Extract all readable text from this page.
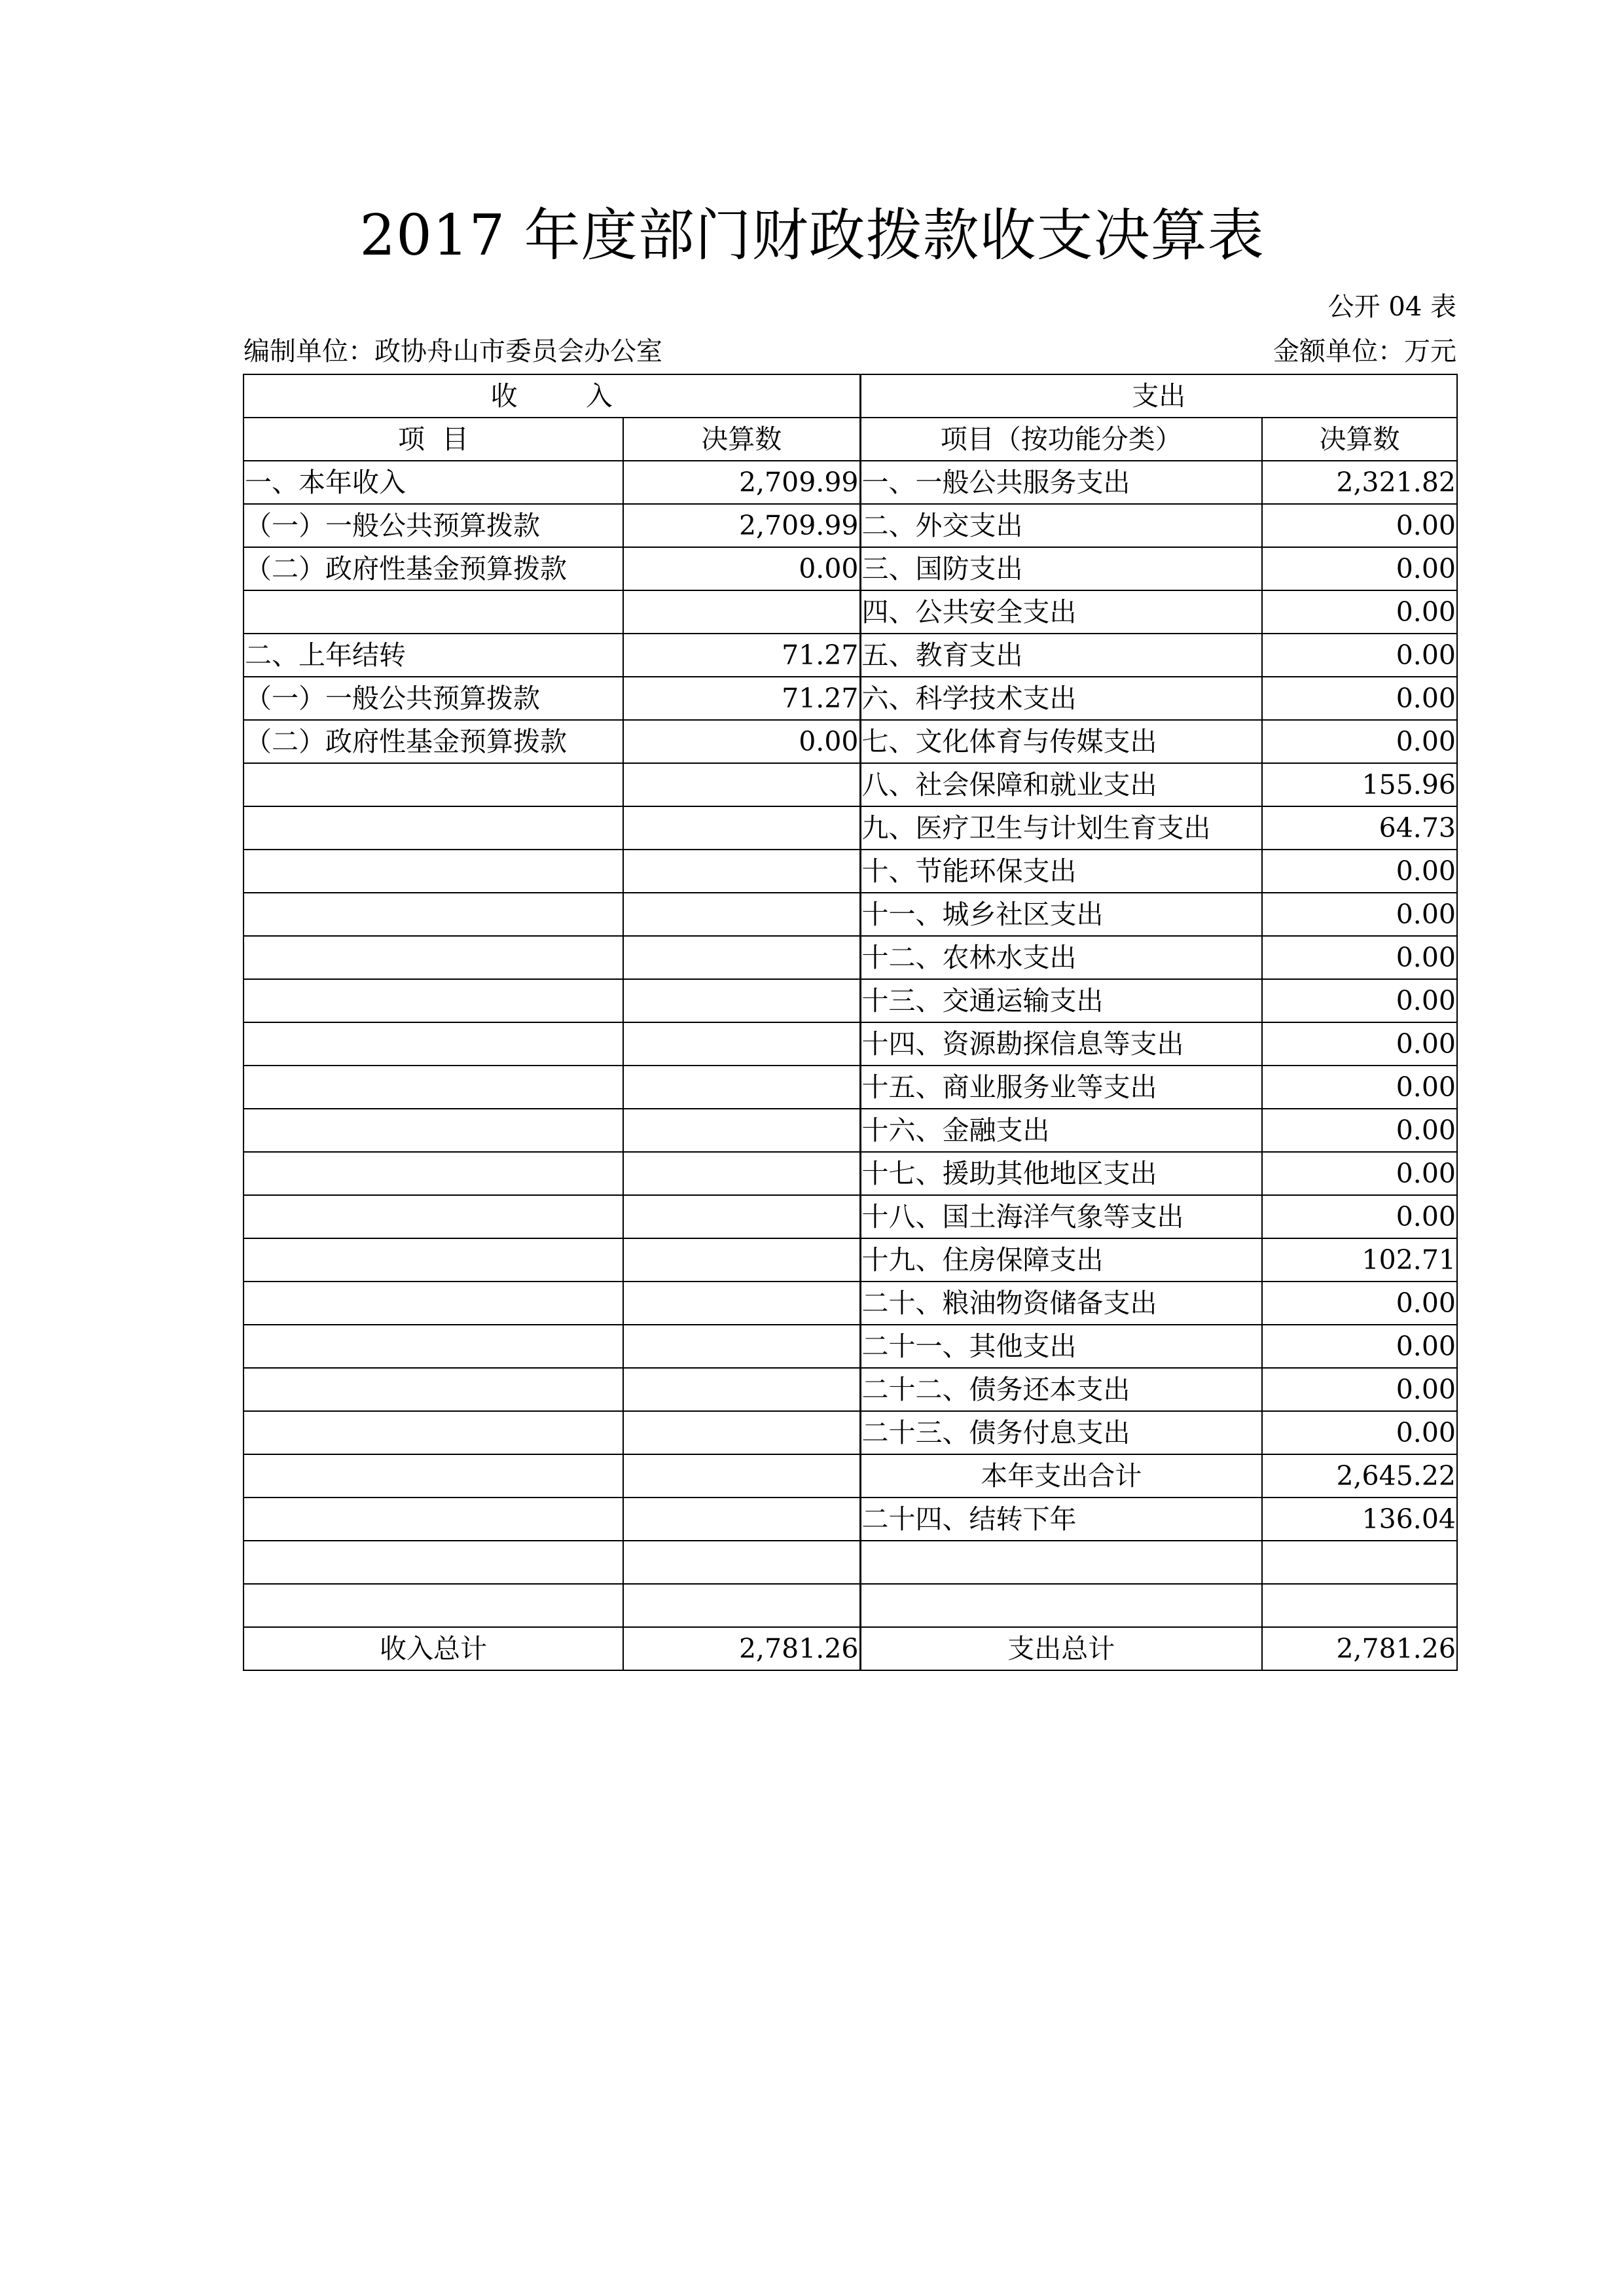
2017 年度部门财政拨款收支决算表
公开 04 表
编制单位：政协舟山市委员会办公室	金额单位：万元
收        入		支出	
项  目	决算数	项目（按功能分类）	决算数
一、本年收入	2,709.99	一、一般公共服务支出	2,321.82
（一）一般公共预算拨款	2,709.99	二、外交支出	0.00
（二）政府性基金预算拨款	0.00	三、国防支出	0.00
		四、公共安全支出	0.00
二、上年结转	71.27	五、教育支出	0.00
（一）一般公共预算拨款	71.27	六、科学技术支出	0.00
（二）政府性基金预算拨款	0.00	七、文化体育与传媒支出	0.00
		八、社会保障和就业支出	155.96
		九、医疗卫生与计划生育支出	64.73
		十、节能环保支出	0.00
		十一、城乡社区支出	0.00
		十二、农林水支出	0.00
		十三、交通运输支出	0.00
		十四、资源勘探信息等支出	0.00
		十五、商业服务业等支出	0.00
		十六、金融支出	0.00
		十七、援助其他地区支出	0.00
		十八、国土海洋气象等支出	0.00
		十九、住房保障支出	102.71
		二十、粮油物资储备支出	0.00
		二十一、其他支出	0.00
		二十二、债务还本支出	0.00
		二十三、债务付息支出	0.00
		本年支出合计	2,645.22
		二十四、结转下年	136.04

收入总计	2,781.26	支出总计	2,781.26
